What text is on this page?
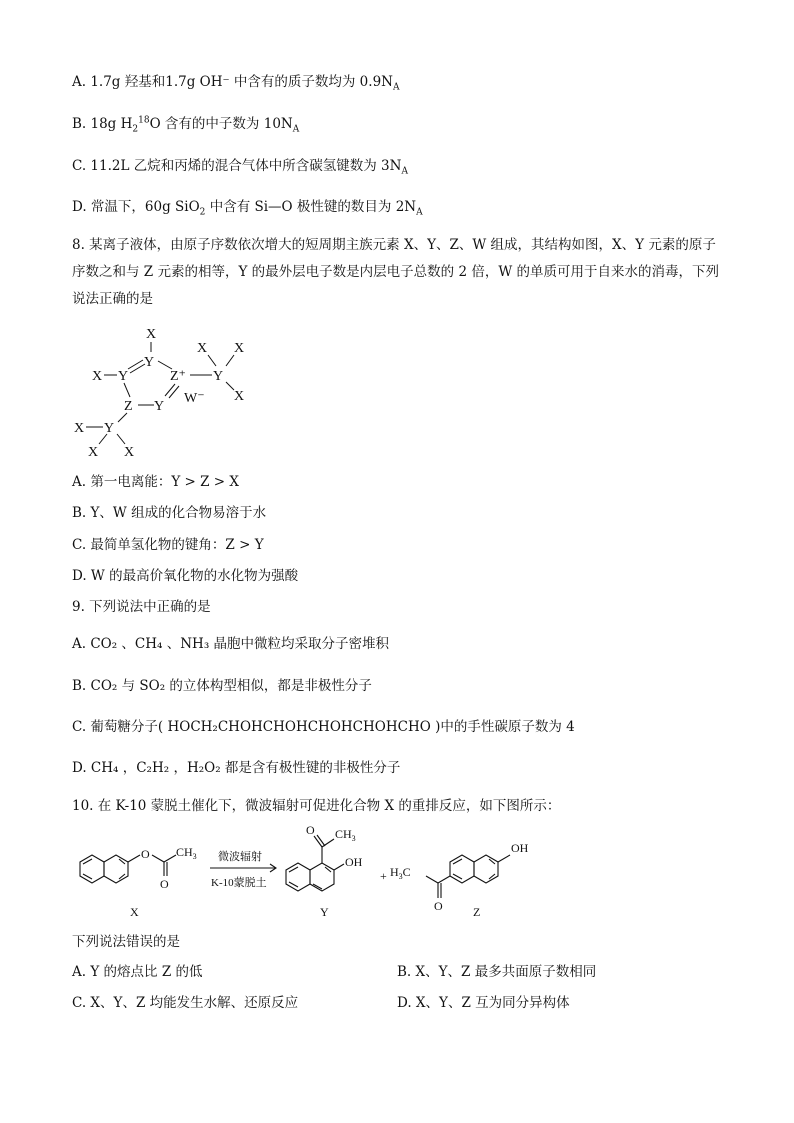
A. 1.7g 羟基和1.7g OH⁻ 中含有的质子数均为 $0.9N_A$
B. 18g $H_2^{18}O$ 含有的中子数为 $10N_A$
C. 11.2L 乙烷和丙烯的混合气体中所含碳氢键数为 $3N_A$
D. 常温下，60g SiO$_2$ 中含有 Si—O 极性键的数目为 $2N_A$
8. 某离子液体，由原子序数依次增大的短周期主族元素 X、Y、Z、W 组成，其结构如图，X、Y 元素的原子序数之和与 Z 元素的相等，Y 的最外层电子数是内层电子总数的 2 倍，W 的单质可用于自来水的消毒，下列说法正确的是
X
Y
X Y	Z⁺ Y
X X
X
W⁻
Y
Z
Y
X
X X
A. 第一电离能：Y > Z > X
B. Y、W 组成的化合物易溶于水
C. 最简单氢化物的键角：Z > Y
D. W 的最高价氧化物的水化物为强酸
9. 下列说法中正确的是
A. CO₂ 、CH₄ 、NH₃ 晶胞中微粒均采取分子密堆积
B. CO₂ 与 SO₂ 的立体构型相似，都是非极性分子
C. 葡萄糖分子( HOCH₂CHOHCHOHCHOHCHOHCHO )中的手性碳原子数为 4
D. CH₄ ，C₂H₂ ，H₂O₂ 都是含有极性键的非极性分子
10. 在 K-10 蒙脱土催化下，微波辐射可促进化合物 X 的重排反应，如下图所示：
O $CH_3$
O
微波辐射
K-10蒙脱土
O $CH_3$
OH
+ $H_3C$
O
OH
X	Y	Z
下列说法错误的是
A. Y 的熔点比 Z 的低	B. X、Y、Z 最多共面原子数相同
C. X、Y、Z 均能发生水解、还原反应	D. X、Y、Z 互为同分异构体
